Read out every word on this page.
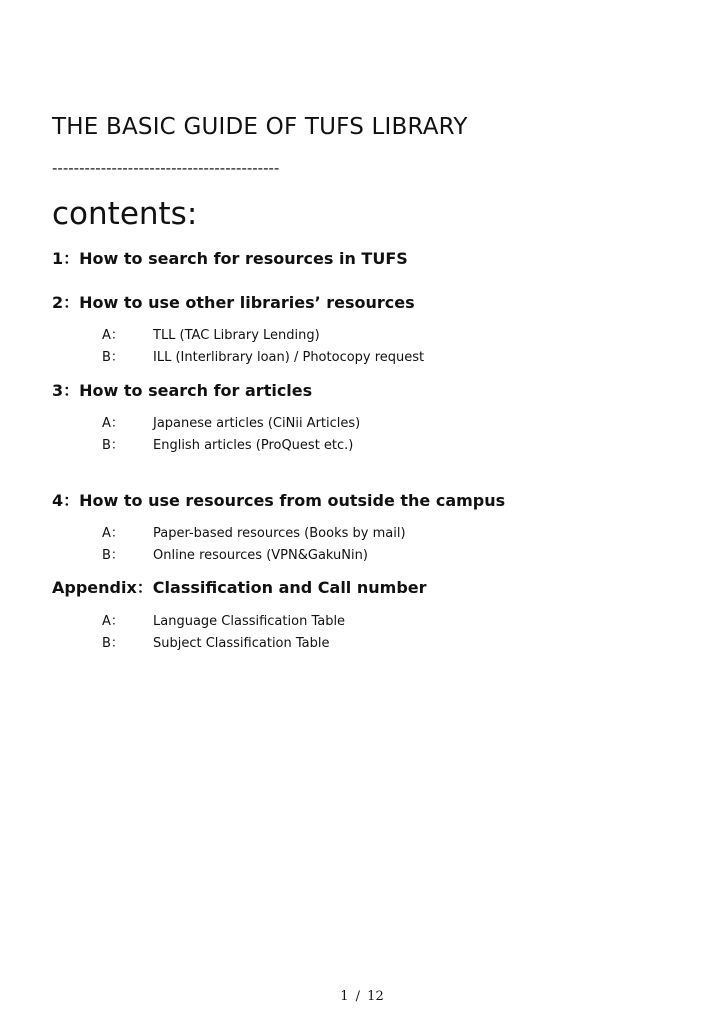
THE BASIC GUIDE OF TUFS LIBRARY
------------------------------------------
contents:
1：How to search for resources in TUFS
2：How to use other libraries’ resources
A： TLL (TAC Library Lending)
B： ILL (Interlibrary loan) / Photocopy request
3：How to search for articles
A： Japanese articles (CiNii Articles)
B： English articles (ProQuest etc.)
4：How to use resources from outside the campus
A： Paper-based resources (Books by mail)
B： Online resources (VPN&GakuNin)
Appendix：Classification and Call number
A： Language Classification Table
B： Subject Classification Table
1 / 12
